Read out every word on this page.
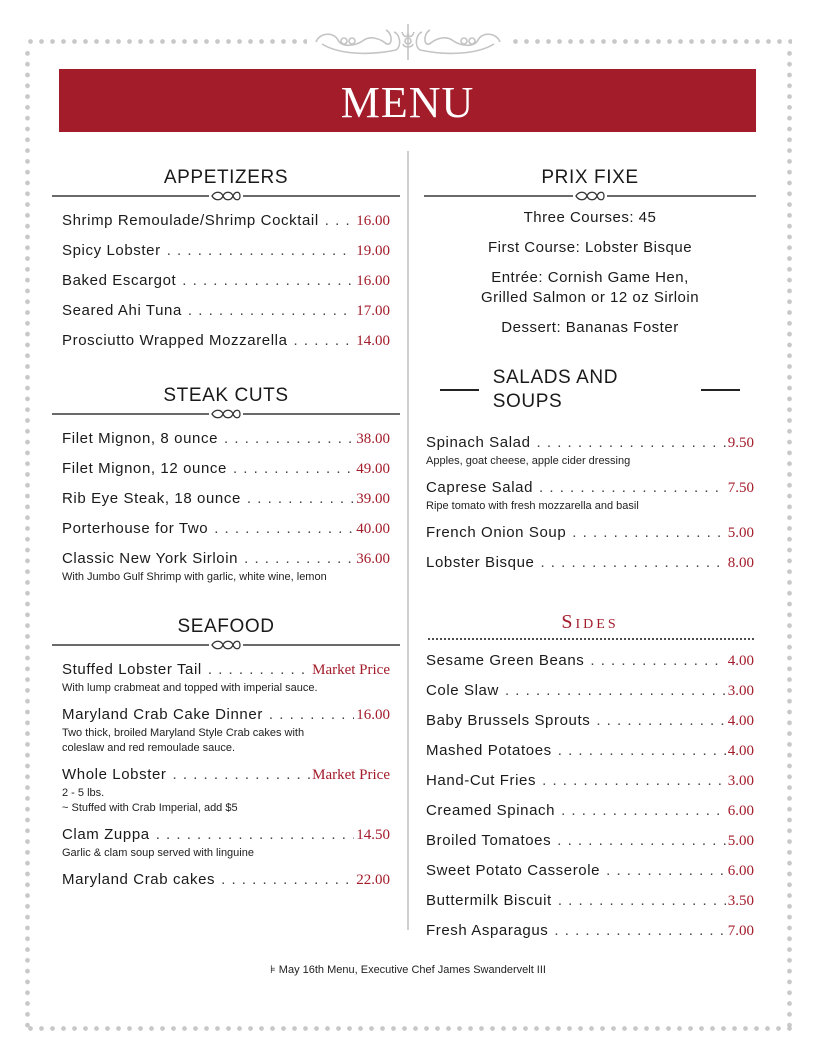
MENU
APPETIZERS
Shrimp Remoulade/Shrimp Cocktail . . . 16.00
Spicy Lobster . . .	19.00
Baked Escargot . . .	16.00
Seared Ahi Tuna . . .	17.00
Prosciutto Wrapped Mozzarella . . .	14.00
STEAK CUTS
Filet Mignon, 8 ounce . . .	38.00
Filet Mignon, 12 ounce . . .	49.00
Rib Eye Steak, 18 ounce . . .	39.00
Porterhouse for Two . . .	40.00
Classic New York Sirloin . . .	36.00
With Jumbo Gulf Shrimp with garlic, white wine, lemon
SEAFOOD
Stuffed Lobster Tail . . .	Market Price
With lump crabmeat and topped with imperial sauce.
Maryland Crab Cake Dinner . . .	16.00
Two thick, broiled Maryland Style Crab cakes with coleslaw and red remoulade sauce.
Whole Lobster . . .	Market Price
2 - 5 lbs.
~ Stuffed with Crab Imperial, add $5
Clam Zuppa . . .	14.50
Garlic & clam soup served with linguine
Maryland Crab cakes . . .	22.00
PRIX FIXE
Three Courses: 45
First Course: Lobster Bisque
Entrée: Cornish Game Hen,
Grilled Salmon or 12 oz Sirloin
Dessert: Bananas Foster
SALADS AND SOUPS
Spinach Salad . . .	9.50
Apples, goat cheese, apple cider dressing
Caprese Salad . . .	7.50
Ripe tomato with fresh mozzarella and basil
French Onion Soup . . .	5.00
Lobster Bisque . . .	8.00
Sides
Sesame Green Beans . . .	4.00
Cole Slaw . . .	3.00
Baby Brussels Sprouts . . .	4.00
Mashed Potatoes . . .	4.00
Hand-Cut Fries . . .	3.00
Creamed Spinach . . .	6.00
Broiled Tomatoes . . .	5.00
Sweet Potato Casserole . . .	6.00
Buttermilk Biscuit . . .	3.50
Fresh Asparagus . . .	7.00
⊧ May 16th Menu, Executive Chef James Swandervelt III
